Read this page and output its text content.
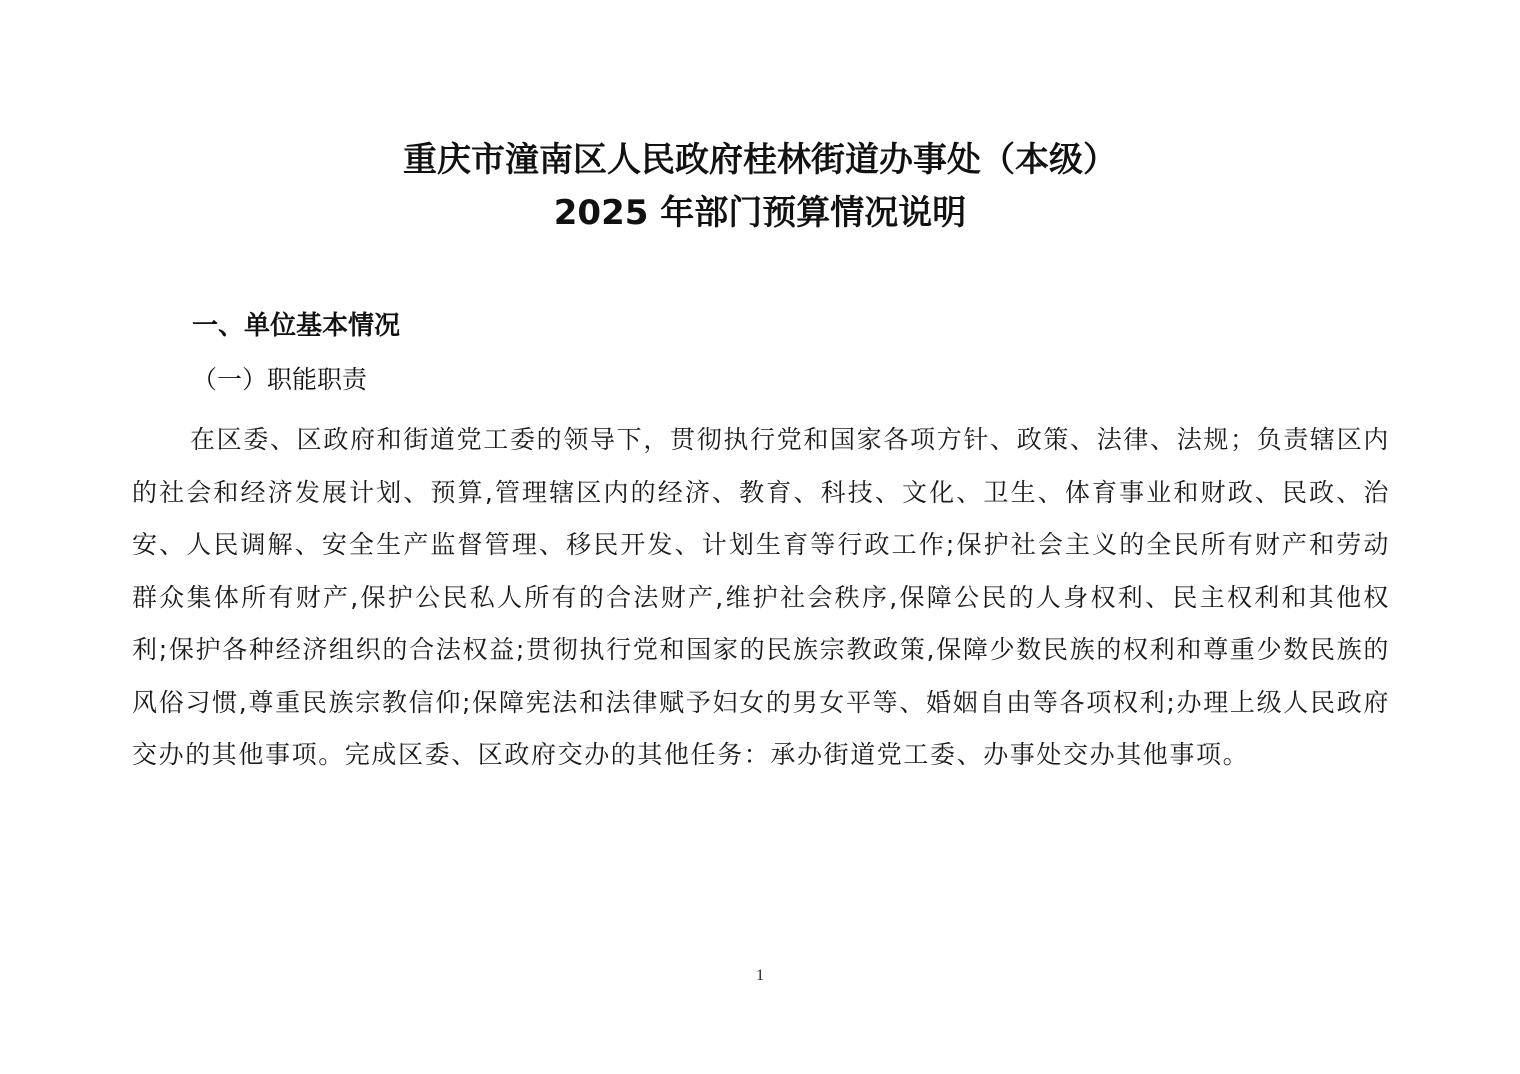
重庆市潼南区人民政府桂林街道办事处（本级）
2025 年部门预算情况说明
一、单位基本情况
（一）职能职责

在区委、区政府和街道党工委的领导下，贯彻执行党和国家各项方针、政策、法律、法规；负责辖区内的社会和经济发展计划、预算,管理辖区内的经济、教育、科技、文化、卫生、体育事业和财政、民政、治安、人民调解、安全生产监督管理、移民开发、计划生育等行政工作;保护社会主义的全民所有财产和劳动群众集体所有财产,保护公民私人所有的合法财产,维护社会秩序,保障公民的人身权利、民主权利和其他权利;保护各种经济组织的合法权益;贯彻执行党和国家的民族宗教政策,保障少数民族的权利和尊重少数民族的风俗习惯,尊重民族宗教信仰;保障宪法和法律赋予妇女的男女平等、婚姻自由等各项权利;办理上级人民政府交办的其他事项。完成区委、区政府交办的其他任务：承办街道党工委、办事处交办其他事项。

1
